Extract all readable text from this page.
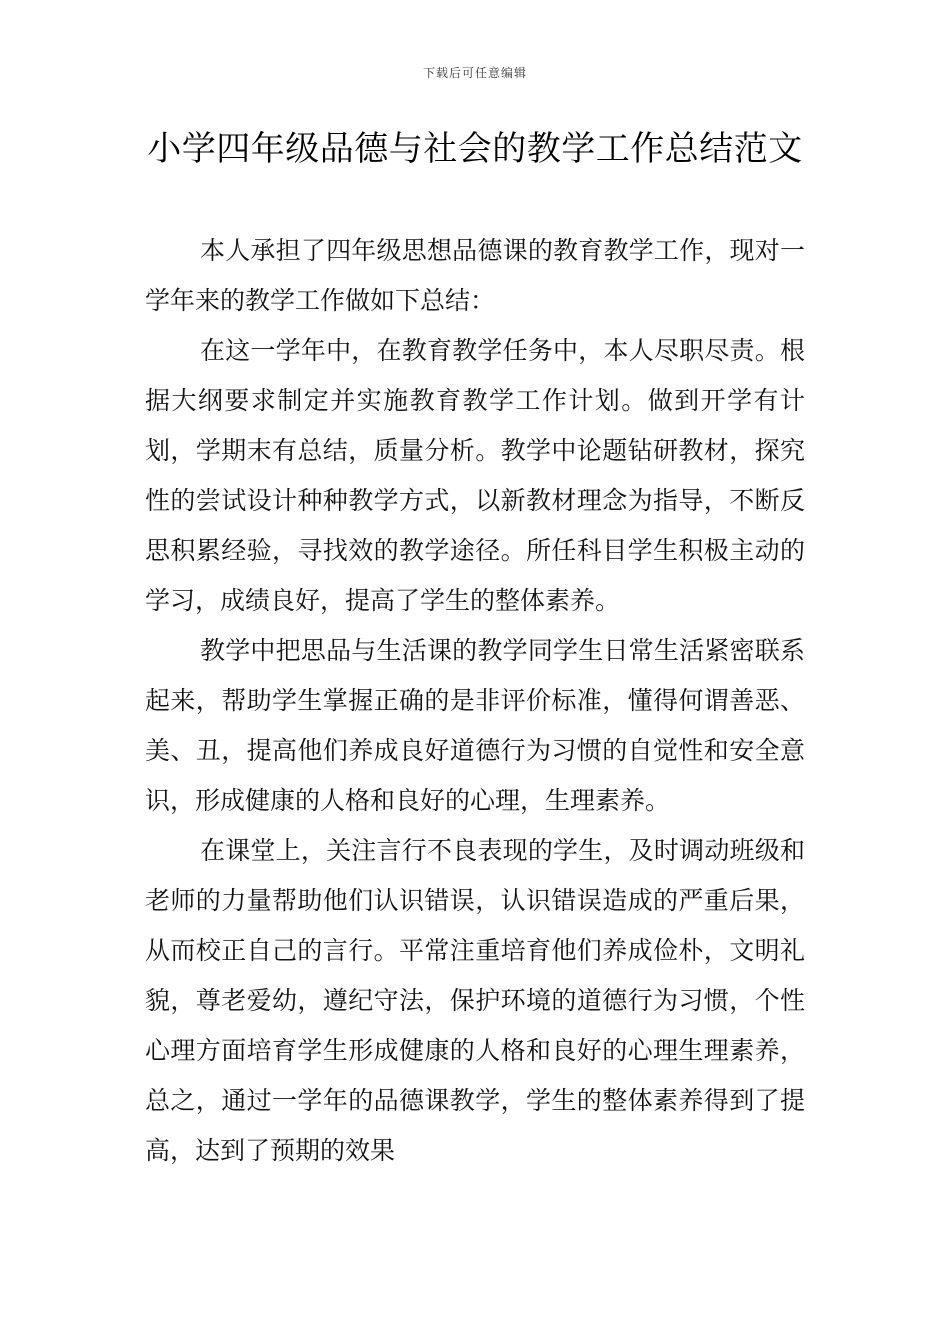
下载后可任意编辑
小学四年级品德与社会的教学工作总结范文

本人承担了四年级思想品德课的教育教学工作，现对一学年来的教学工作做如下总结：

在这一学年中，在教育教学任务中，本人尽职尽责。根据大纲要求制定并实施教育教学工作计划。做到开学有计划，学期末有总结，质量分析。教学中论题钻研教材，探究性的尝试设计种种教学方式，以新教材理念为指导，不断反思积累经验，寻找效的教学途径。所任科目学生积极主动的学习，成绩良好，提高了学生的整体素养。

教学中把思品与生活课的教学同学生日常生活紧密联系起来，帮助学生掌握正确的是非评价标准，懂得何谓善恶、美、丑，提高他们养成良好道德行为习惯的自觉性和安全意识，形成健康的人格和良好的心理，生理素养。

在课堂上，关注言行不良表现的学生，及时调动班级和老师的力量帮助他们认识错误，认识错误造成的严重后果，从而校正自己的言行。平常注重培育他们养成俭朴，文明礼貌，尊老爱幼，遵纪守法，保护环境的道德行为习惯，个性心理方面培育学生形成健康的人格和良好的心理生理素养，总之，通过一学年的品德课教学，学生的整体素养得到了提高，达到了预期的效果
